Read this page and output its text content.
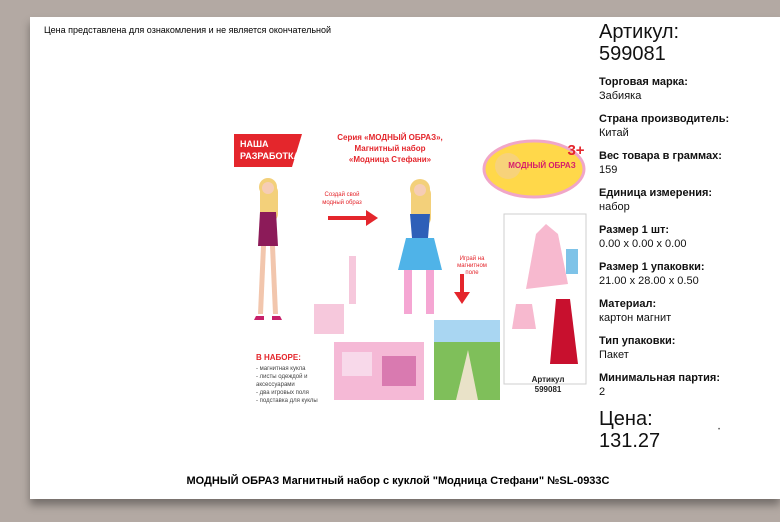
Цена представлена для ознакомления и не является окончательной
НАША
РАЗРАБОТКА
Серия «МОДНЫЙ ОБРАЗ»,
Магнитный набор
«Модница Стефани»
МОДНЫЙ ОБРАЗ
3+
Создай свой
модный образ
Играй на
магнитном
поле
В НАБОРЕ:
- магнитная кукла
- листы одеждой и
аксессуарами
- два игровых поля
- подставка для куклы
Артикул
599081
Артикул:
599081
Торговая марка:
Забияка
Страна производитель:
Китай
Вес товара в граммах:
159
Единица измерения:
набор
Размер 1 шт:
0.00 x 0.00 x 0.00
Размер 1 упаковки:
21.00 x 28.00 x 0.50
Материал:
картон магнит
Тип упаковки:
Пакет
Минимальная партия:
2
Цена:
131.27	•
МОДНЫЙ ОБРАЗ Магнитный набор с куклой "Модница Стефани" №SL-0933C
